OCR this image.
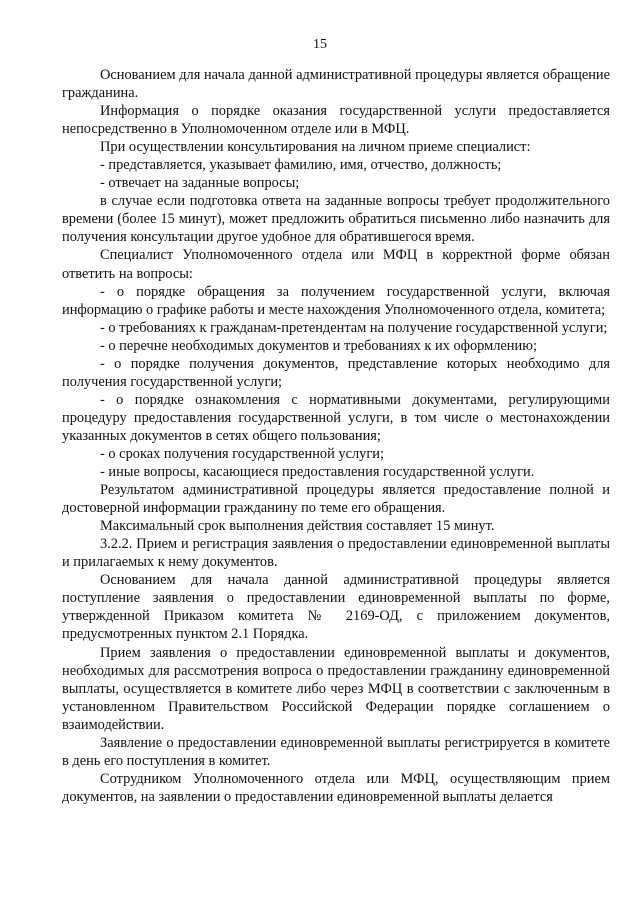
15

Основанием для начала данной административной процедуры является обращение гражданина.

Информация о порядке оказания государственной услуги предоставляется непосредственно в Уполномоченном отделе или в МФЦ.

При осуществлении консультирования на личном приеме специалист:

- представляется, указывает фамилию, имя, отчество, должность;

- отвечает на заданные вопросы;

в случае если подготовка ответа на заданные вопросы требует продолжительного времени (более 15 минут), может предложить обратиться письменно либо назначить для получения консультации другое удобное для обратившегося время.

Специалист Уполномоченного отдела или МФЦ в корректной форме обязан ответить на вопросы:

- о порядке обращения за получением государственной услуги, включая информацию о графике работы и месте нахождения Уполномоченного отдела, комитета;

- о требованиях к гражданам-претендентам на получение государственной услуги;

- о перечне необходимых документов и требованиях к их оформлению;

- о порядке получения документов, представление которых необходимо для получения государственной услуги;

- о порядке ознакомления с нормативными документами, регулирующими процедуру предоставления государственной услуги, в том числе о местонахождении указанных документов в сетях общего пользования;

- о сроках получения государственной услуги;

- иные вопросы, касающиеся предоставления государственной услуги.

Результатом административной процедуры является предоставление полной и достоверной информации гражданину по теме его обращения.

Максимальный срок выполнения действия составляет 15 минут.

3.2.2. Прием и регистрация заявления о предоставлении единовременной выплаты и прилагаемых к нему документов.

Основанием для начала данной административной процедуры является поступление заявления о предоставлении единовременной выплаты по форме, утвержденной Приказом комитета № 2169-ОД, с приложением документов, предусмотренных пунктом 2.1 Порядка.

Прием заявления о предоставлении единовременной выплаты и документов, необходимых для рассмотрения вопроса о предоставлении гражданину единовременной выплаты, осуществляется в комитете либо через МФЦ в соответствии с заключенным в установленном Правительством Российской Федерации порядке соглашением о взаимодействии.

Заявление о предоставлении единовременной выплаты регистрируется в комитете в день его поступления в комитет.

Сотрудником Уполномоченного отдела или МФЦ, осуществляющим прием документов, на заявлении о предоставлении единовременной выплаты делается
